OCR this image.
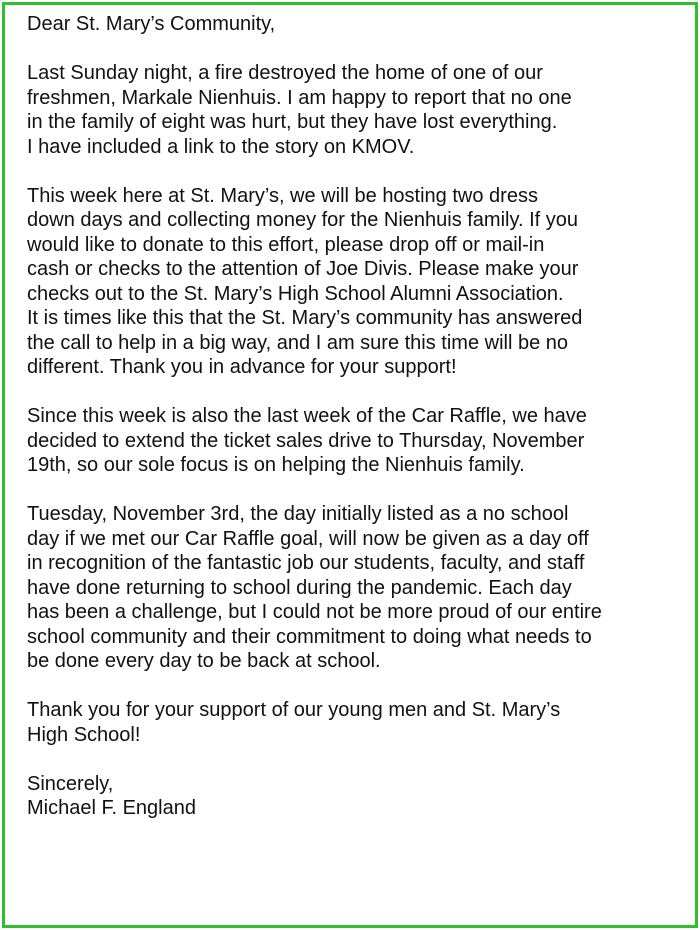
Dear St. Mary’s Community,

Last Sunday night, a fire destroyed the home of one of our
freshmen, Markale Nienhuis. I am happy to report that no one
in the family of eight was hurt, but they have lost everything.
I have included a link to the story on KMOV.

This week here at St. Mary’s, we will be hosting two dress
down days and collecting money for the Nienhuis family. If you
would like to donate to this effort, please drop off or mail-in
cash or checks to the attention of Joe Divis. Please make your
checks out to the St. Mary’s High School Alumni Association.
It is times like this that the St. Mary’s community has answered
the call to help in a big way, and I am sure this time will be no
different. Thank you in advance for your support!

Since this week is also the last week of the Car Raffle, we have
decided to extend the ticket sales drive to Thursday, November
19th, so our sole focus is on helping the Nienhuis family.

Tuesday, November 3rd, the day initially listed as a no school
day if we met our Car Raffle goal, will now be given as a day off
in recognition of the fantastic job our students, faculty, and staff
have done returning to school during the pandemic. Each day
has been a challenge, but I could not be more proud of our entire
school community and their commitment to doing what needs to
be done every day to be back at school.

Thank you for your support of our young men and St. Mary’s
High School!

Sincerely,
Michael F. England
